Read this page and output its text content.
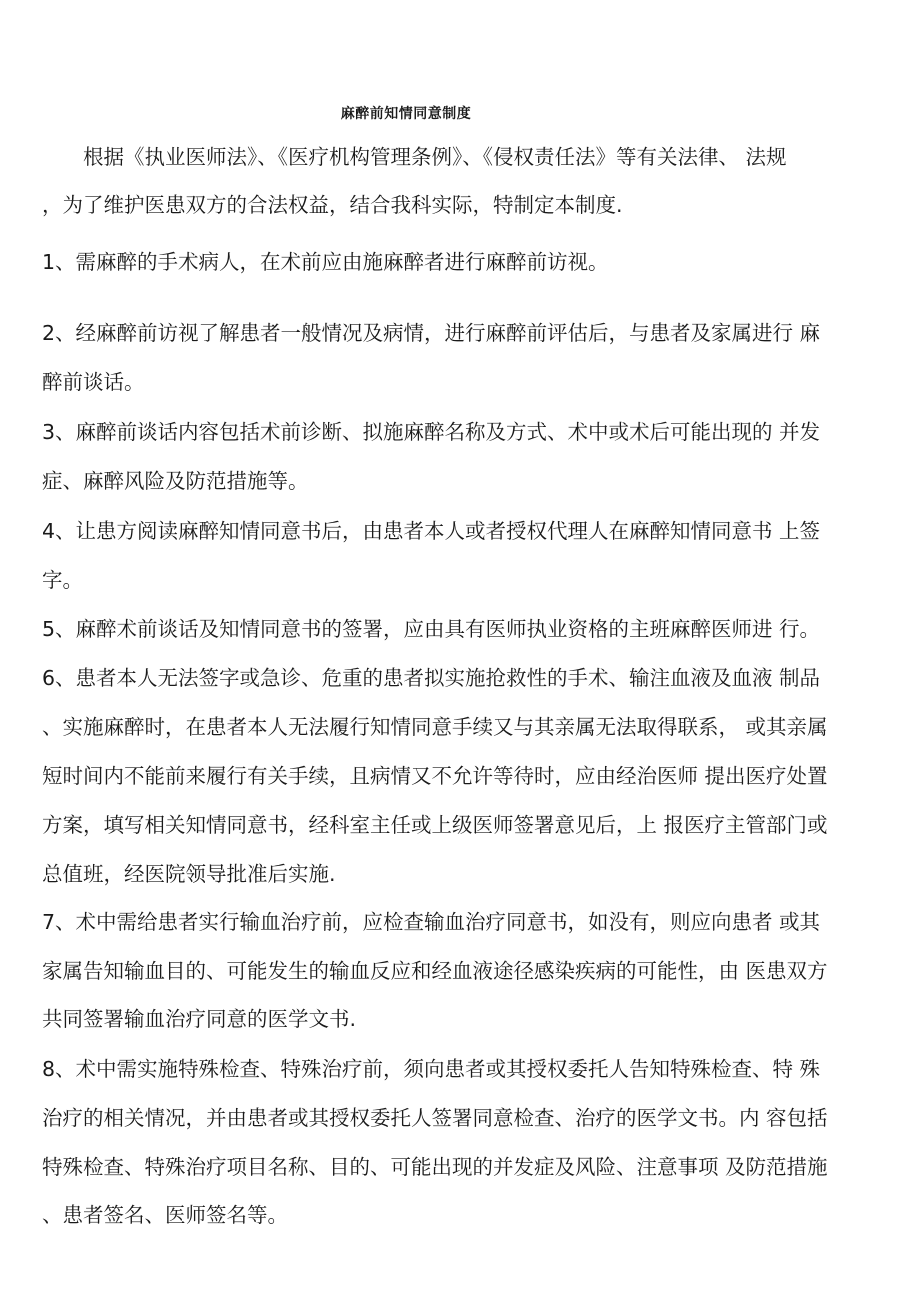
麻醉前知情同意制度
　　根据《执业医师法》、《医疗机构管理条例》、《侵权责任法》等有关法律、 法规
，为了维护医患双方的合法权益，结合我科实际，特制定本制度.
1、需麻醉的手术病人，在术前应由施麻醉者进行麻醉前访视。
2、经麻醉前访视了解患者一般情况及病情，进行麻醉前评估后，与患者及家属进行 麻
醉前谈话。
3、麻醉前谈话内容包括术前诊断、拟施麻醉名称及方式、术中或术后可能出现的 并发
症、麻醉风险及防范措施等。
4、让患方阅读麻醉知情同意书后，由患者本人或者授权代理人在麻醉知情同意书 上签
字。
5、麻醉术前谈话及知情同意书的签署，应由具有医师执业资格的主班麻醉医师进 行。
6、患者本人无法签字或急诊、危重的患者拟实施抢救性的手术、输注血液及血液 制品
、实施麻醉时，在患者本人无法履行知情同意手续又与其亲属无法取得联系， 或其亲属
短时间内不能前来履行有关手续，且病情又不允许等待时，应由经治医师 提出医疗处置
方案，填写相关知情同意书，经科室主任或上级医师签署意见后，上 报医疗主管部门或
总值班，经医院领导批准后实施.
7、术中需给患者实行输血治疗前，应检查输血治疗同意书，如没有，则应向患者 或其
家属告知输血目的、可能发生的输血反应和经血液途径感染疾病的可能性，由 医患双方
共同签署输血治疗同意的医学文书.
8、术中需实施特殊检查、特殊治疗前，须向患者或其授权委托人告知特殊检查、特 殊
治疗的相关情况，并由患者或其授权委托人签署同意检查、治疗的医学文书。内 容包括
特殊检查、特殊治疗项目名称、目的、可能出现的并发症及风险、注意事项 及防范措施
、患者签名、医师签名等。
